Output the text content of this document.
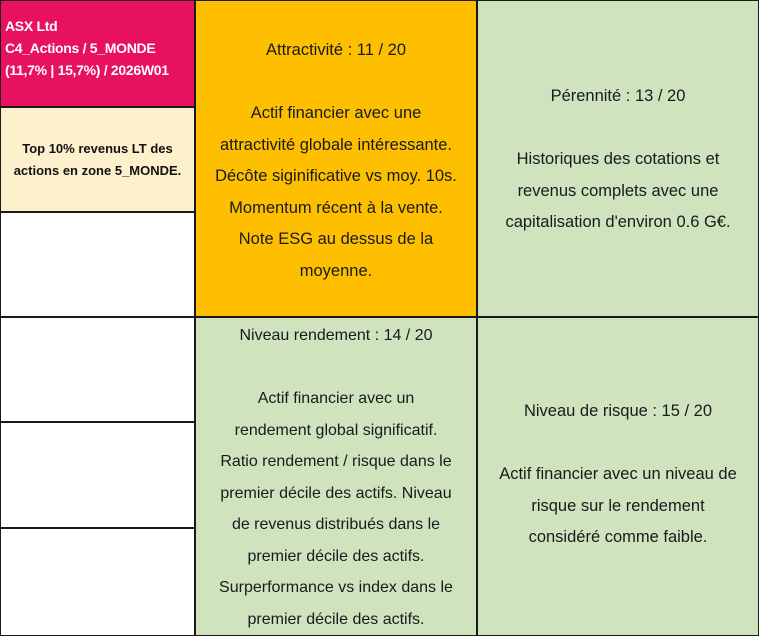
ASX Ltd
C4_Actions / 5_MONDE
(11,7% | 15,7%) / 2026W01
Top 10% revenus LT des actions en zone 5_MONDE.
Attractivité : 11 / 20
Actif financier avec une
attractivité globale intéressante.
Décôte siginificative vs moy. 10s.
Momentum récent à la vente.
Note ESG au dessus de la
moyenne.
Pérennité : 13 / 20
Historiques des cotations et
revenus complets avec une
capitalisation d'environ 0.6 G€.
Niveau rendement : 14 / 20
Actif financier avec un
rendement global significatif.
Ratio rendement / risque dans le
premier décile des actifs. Niveau
de revenus distribués dans le
premier décile des actifs.
Surperformance vs index dans le
premier décile des actifs.
Niveau de risque : 15 / 20
Actif financier avec un niveau de
risque sur le rendement
considéré comme faible.
